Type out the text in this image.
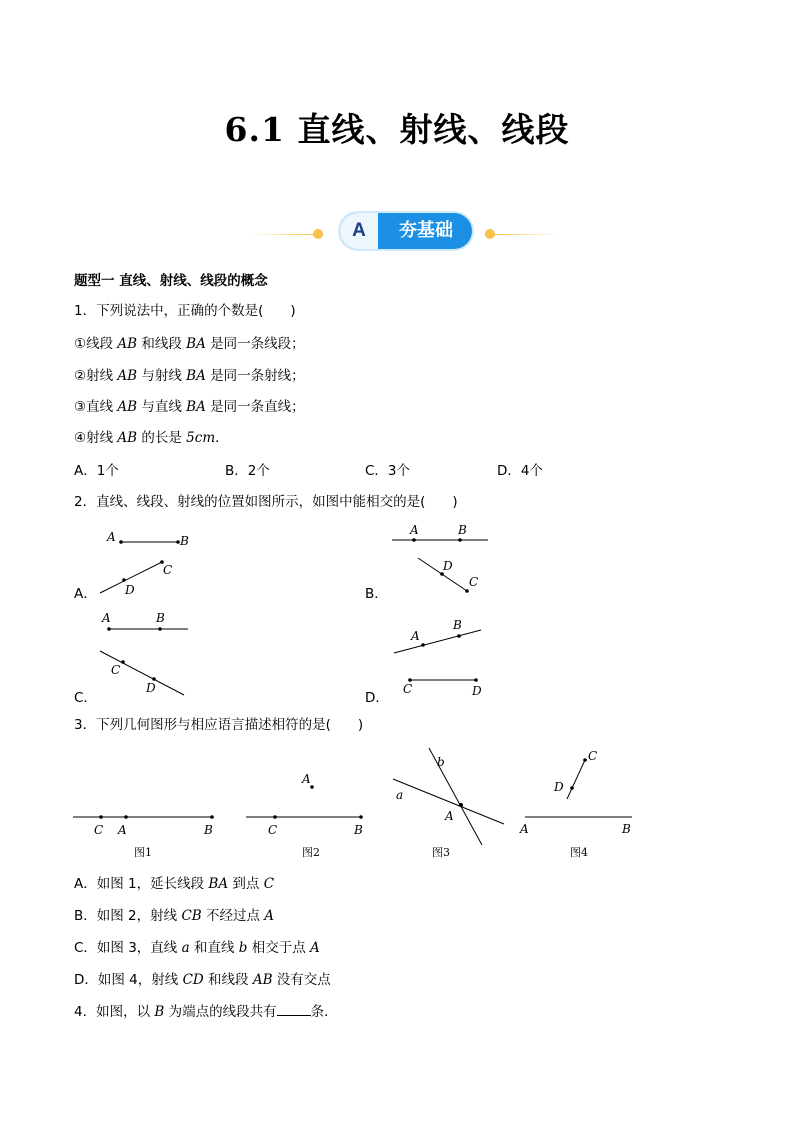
6.1 直线、射线、线段
A	夯基础
题型一 直线、射线、线段的概念
1．下列说法中，正确的个数是(　　)
①线段 AB 和线段 BA 是同一条线段；
②射线 AB 与射线 BA 是同一条射线；
③直线 AB 与直线 BA 是同一条直线；
④射线 AB 的长是 5cm．
A．1个	B．2个	C．3个	D．4个
2．直线、线段、射线的位置如图所示，如图中能相交的是(　　)
A	B
C
D
A	B
D
C
A	B
C
D
A
B
C	D
A．	B．
C．	D．
3．下列几何图形与相应语言描述相符的是(　　)
C A	B
图1
A
C	B
图2
b
a
A
图3
C
D
A	B
图4
A．如图 1，延长线段 BA 到点 C
B．如图 2，射线 CB 不经过点 A
C．如图 3，直线 a 和直线 b 相交于点 A
D．如图 4，射线 CD 和线段 AB 没有交点
4．如图，以 B 为端点的线段共有	条．
